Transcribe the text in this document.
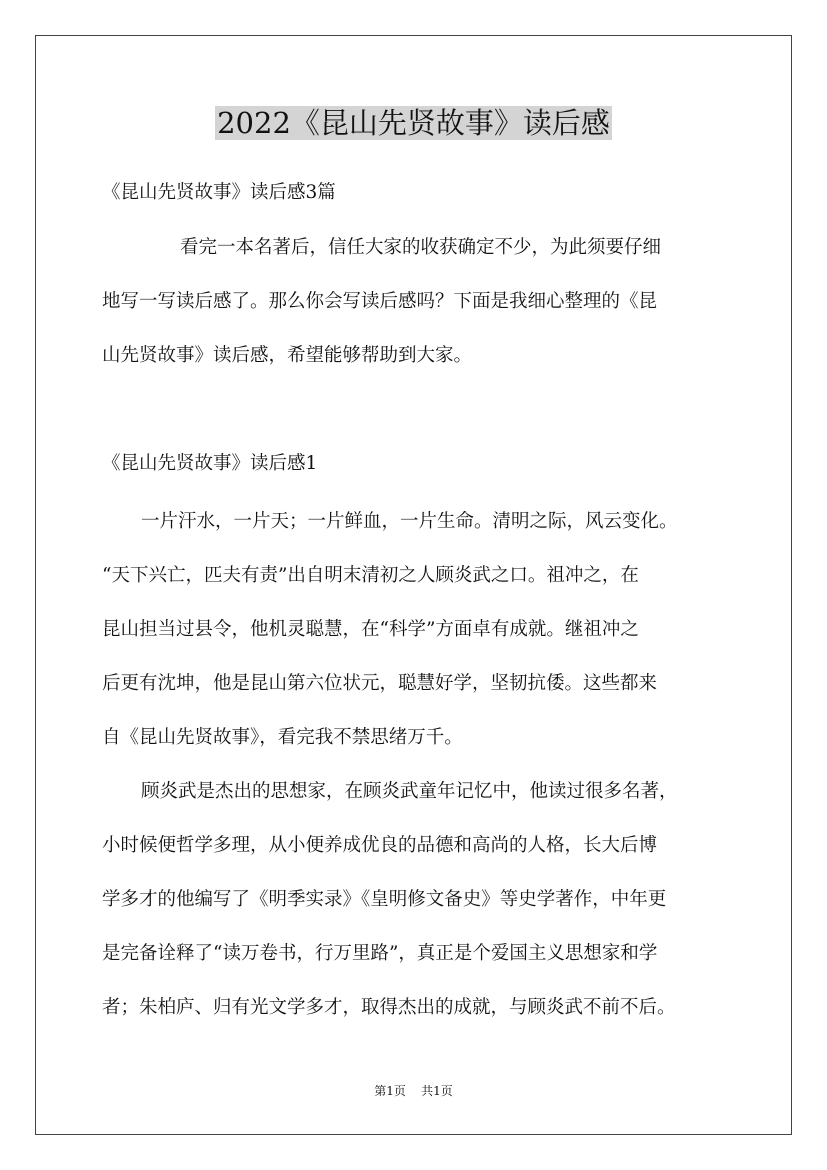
2022《昆山先贤故事》读后感
《昆山先贤故事》读后感3篇
看完一本名著后，信任大家的收获确定不少，为此须要仔细
地写一写读后感了。那么你会写读后感吗？下面是我细心整理的《昆
山先贤故事》读后感，希望能够帮助到大家。
《昆山先贤故事》读后感1
一片汗水，一片天；一片鲜血，一片生命。清明之际，风云变化。
“天下兴亡，匹夫有责”出自明末清初之人顾炎武之口。祖冲之，在
昆山担当过县令，他机灵聪慧，在“科学”方面卓有成就。继祖冲之
后更有沈坤，他是昆山第六位状元，聪慧好学，坚韧抗倭。这些都来
自《昆山先贤故事》，看完我不禁思绪万千。
顾炎武是杰出的思想家，在顾炎武童年记忆中，他读过很多名著，
小时候便哲学多理，从小便养成优良的品德和高尚的人格，长大后博
学多才的他编写了《明季实录》《皇明修文备史》等史学著作，中年更
是完备诠释了“读万卷书，行万里路”，真正是个爱国主义思想家和学
者；朱柏庐、归有光文学多才，取得杰出的成就，与顾炎武不前不后。
第1页 共1页
